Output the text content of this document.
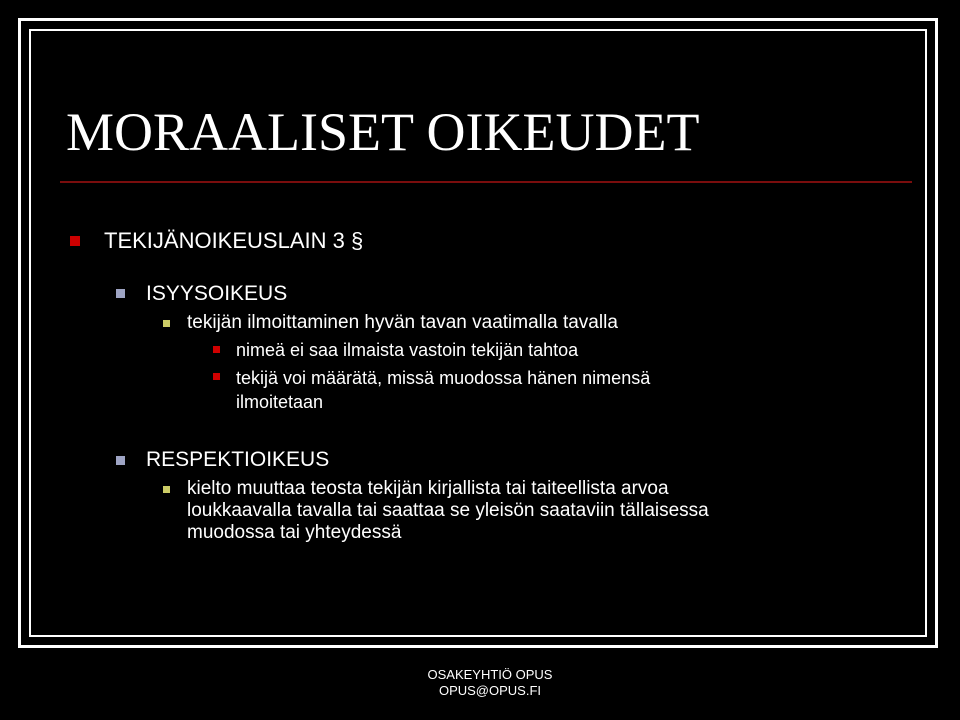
MORAALISET OIKEUDET

TEKIJÄNOIKEUSLAIN 3 §

ISYYSOIKEUS

tekijän ilmoittaminen hyvän tavan vaatimalla tavalla

nimeä ei saa ilmaista vastoin tekijän tahtoa

tekijä voi määrätä, missä muodossa hänen nimensä

ilmoitetaan

RESPEKTIOIKEUS

kielto muuttaa teosta tekijän kirjallista tai taiteellista arvoa

loukkaavalla tavalla tai saattaa se yleisön saataviin tällaisessa

muodossa tai yhteydessä

OSAKEYHTIÖ OPUS
OPUS@OPUS.FI
